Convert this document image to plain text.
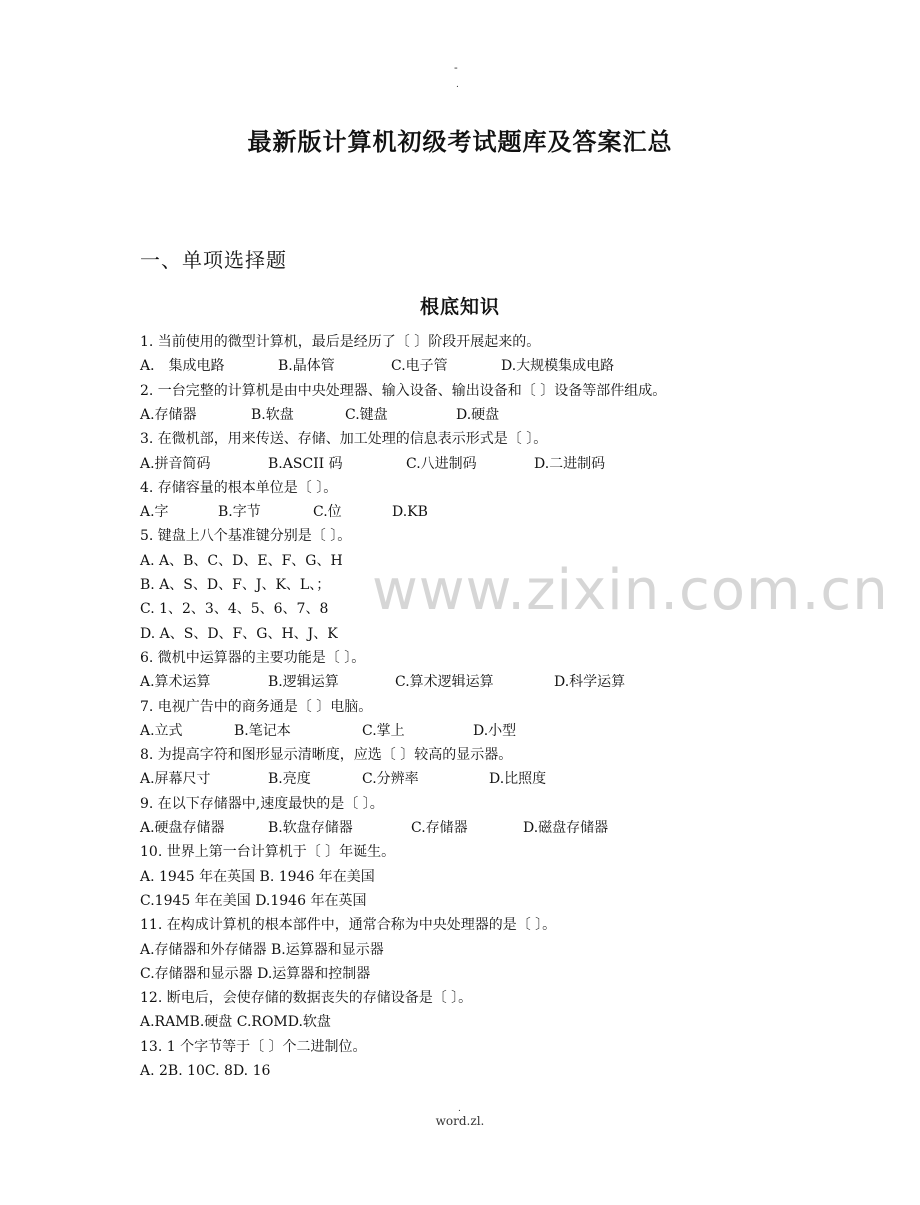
-
.
最新版计算机初级考试题库及答案汇总
一、单项选择题
根底知识
www.zixin.com.cn
1. 当前使用的微型计算机，最后是经历了〔 〕阶段开展起来的。
A． 集成电路	B.晶体管	C.电子管	D.大规模集成电路
2. 一台完整的计算机是由中央处理器、输入设备、输出设备和〔 〕设备等部件组成。
A.存储器	B.软盘	C.键盘	D.硬盘
3. 在微机部，用来传送、存储、加工处理的信息表示形式是〔 〕。
A.拼音简码	B.ASCII 码	C.八进制码	D.二进制码
4. 存储容量的根本单位是〔 〕。
A.字	B.字节	C.位	D.KB
5. 键盘上八个基准键分别是〔 〕。
A. A、B、C、D、E、F、G、H
B. A、S、D、F、J、K、L、；
C. 1、2、3、4、5、6、7、8
D. A、S、D、F、G、H、J、K
6. 微机中运算器的主要功能是〔 〕。
A.算术运算	B.逻辑运算	C.算术逻辑运算	D.科学运算
7. 电视广告中的商务通是〔 〕电脑。
A.立式	B.笔记本	C.掌上	D.小型
8. 为提高字符和图形显示清晰度，应选〔 〕较高的显示器。
A.屏幕尺寸	B.亮度	C.分辨率	D.比照度
9. 在以下存储器中,速度最快的是〔 〕。
A.硬盘存储器	B.软盘存储器	C.存储器	D.磁盘存储器
10. 世界上第一台计算机于〔 〕年诞生。
A. 1945 年在英国 B. 1946 年在美国
C.1945 年在美国 D.1946 年在英国
11. 在构成计算机的根本部件中，通常合称为中央处理器的是〔 〕。
A.存储器和外存储器 B.运算器和显示器
C.存储器和显示器 D.运算器和控制器
12. 断电后，会使存储的数据丧失的存储设备是〔 〕。
A.RAMB.硬盘 C.ROMD.软盘
13. 1 个字节等于〔 〕个二进制位。
A. 2B. 10C. 8D. 16
.
word.zl.
